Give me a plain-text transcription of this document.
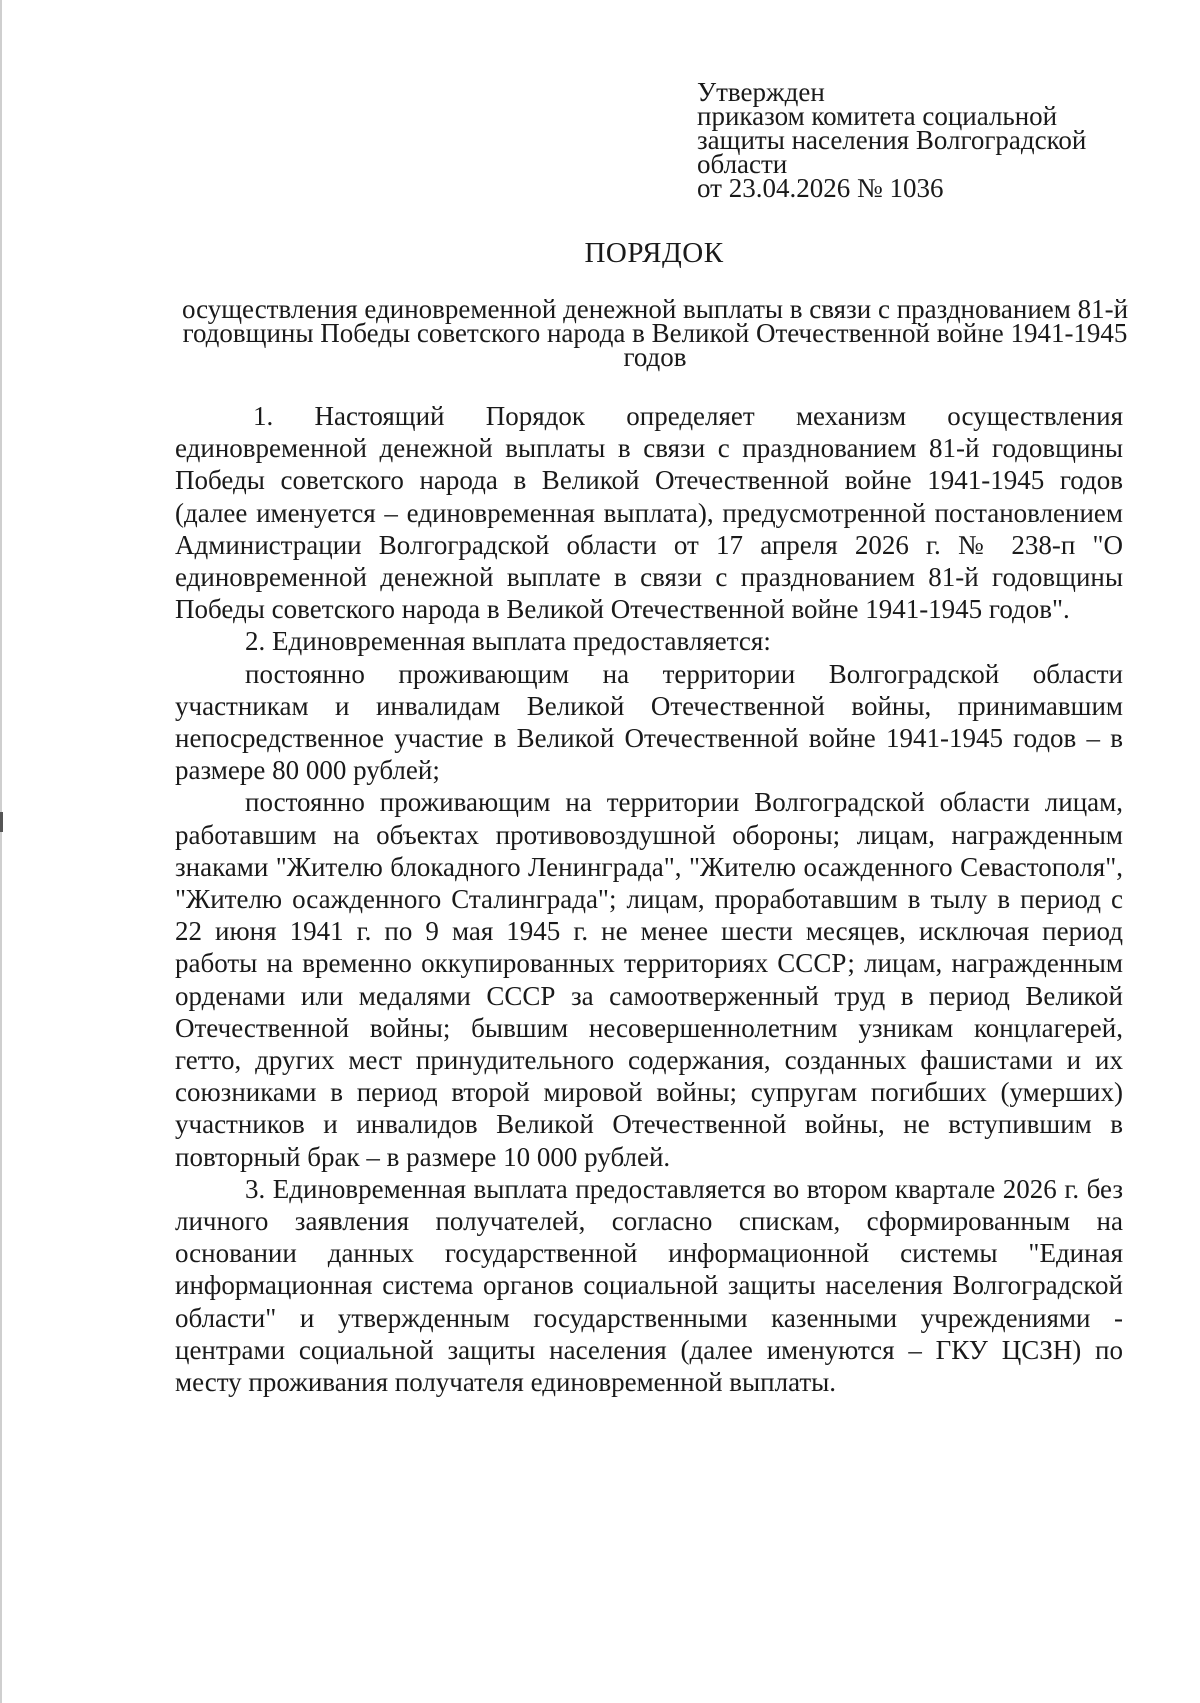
Утвержден
приказом комитета социальной
защиты населения Волгоградской
области
от 23.04.2026 № 1036
ПОРЯДОК
осуществления единовременной денежной выплаты в связи с празднованием 81-й годовщины Победы советского народа в Великой Отечественной войне 1941-1945 годов

1. Настоящий Порядок определяет механизм осуществления единовременной денежной выплаты в связи с празднованием 81-й годовщины Победы советского народа в Великой Отечественной войне 1941-1945 годов (далее именуется – единовременная выплата), предусмотренной постановлением Администрации Волгоградской области от 17 апреля 2026 г. № 238-п "О единовременной денежной выплате в связи с празднованием 81-й годовщины Победы советского народа в Великой Отечественной войне 1941-1945 годов".

2. Единовременная выплата предоставляется:

постоянно проживающим на территории Волгоградской области участникам и инвалидам Великой Отечественной войны, принимавшим непосредственное участие в Великой Отечественной войне 1941-1945 годов – в размере 80 000 рублей;

постоянно проживающим на территории Волгоградской области лицам, работавшим на объектах противовоздушной обороны; лицам, награжденным знаками "Жителю блокадного Ленинграда", "Жителю осажденного Севастополя", "Жителю осажденного Сталинграда"; лицам, проработавшим в тылу в период с 22 июня 1941 г. по 9 мая 1945 г. не менее шести месяцев, исключая период работы на временно оккупированных территориях СССР; лицам, награжденным орденами или медалями СССР за самоотверженный труд в период Великой Отечественной войны; бывшим несовершеннолетним узникам концлагерей, гетто, других мест принудительного содержания, созданных фашистами и их союзниками в период второй мировой войны; супругам погибших (умерших) участников и инвалидов Великой Отечественной войны, не вступившим в повторный брак – в размере 10 000 рублей.

3. Единовременная выплата предоставляется во втором квартале 2026 г. без личного заявления получателей, согласно спискам, сформированным на основании данных государственной информационной системы "Единая информационная система органов социальной защиты населения Волгоградской области" и утвержденным государственными казенными учреждениями - центрами социальной защиты населения (далее именуются – ГКУ ЦСЗН) по месту проживания получателя единовременной выплаты.
